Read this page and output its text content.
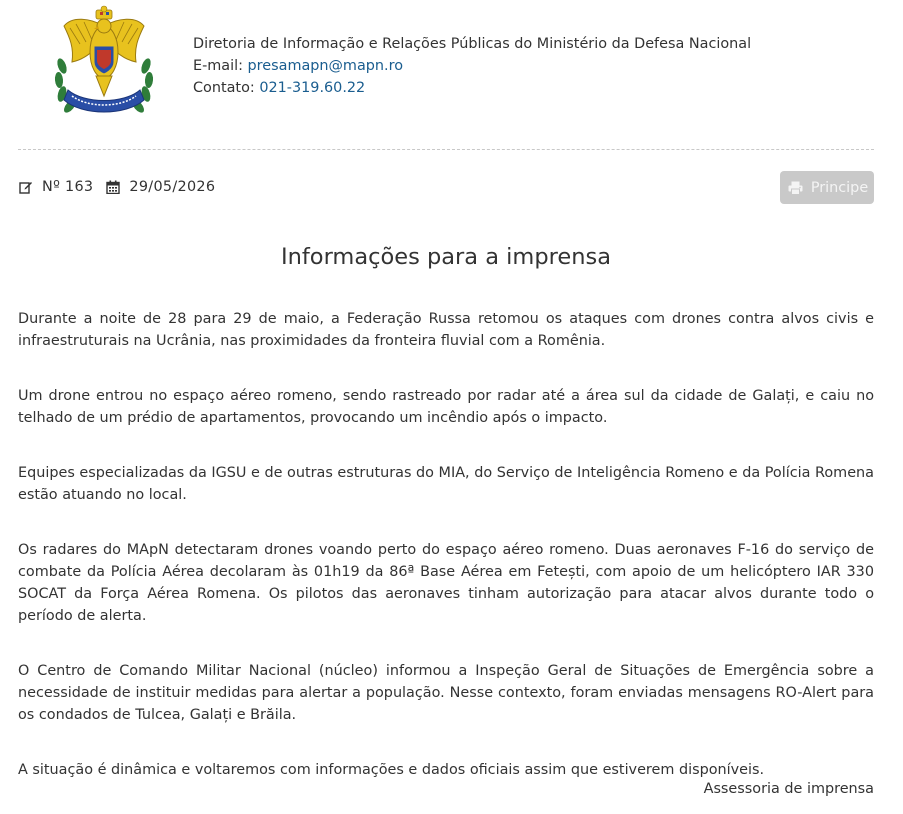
Diretoria de Informação e Relações Públicas do Ministério da Defesa Nacional
E-mail: presamapn@mapn.ro
Contato: 021-319.60.22
Nº 163	29/05/2026	Principe
Informações para a imprensa

Durante a noite de 28 para 29 de maio, a Federação Russa retomou os ataques com drones contra alvos civis e infraestruturais na Ucrânia, nas proximidades da fronteira fluvial com a Romênia.

Um drone entrou no espaço aéreo romeno, sendo rastreado por radar até a área sul da cidade de Galați, e caiu no telhado de um prédio de apartamentos, provocando um incêndio após o impacto.

Equipes especializadas da IGSU e de outras estruturas do MIA, do Serviço de Inteligência Romeno e da Polícia Romena estão atuando no local.

Os radares do MApN detectaram drones voando perto do espaço aéreo romeno. Duas aeronaves F-16 do serviço de combate da Polícia Aérea decolaram às 01h19 da 86ª Base Aérea em Fetești, com apoio de um helicóptero IAR 330 SOCAT da Força Aérea Romena. Os pilotos das aeronaves tinham autorização para atacar alvos durante todo o período de alerta.

O Centro de Comando Militar Nacional (núcleo) informou a Inspeção Geral de Situações de Emergência sobre a necessidade de instituir medidas para alertar a população. Nesse contexto, foram enviadas mensagens RO-Alert para os condados de Tulcea, Galați e Brăila.

A situação é dinâmica e voltaremos com informações e dados oficiais assim que estiverem disponíveis.

Assessoria de imprensa
